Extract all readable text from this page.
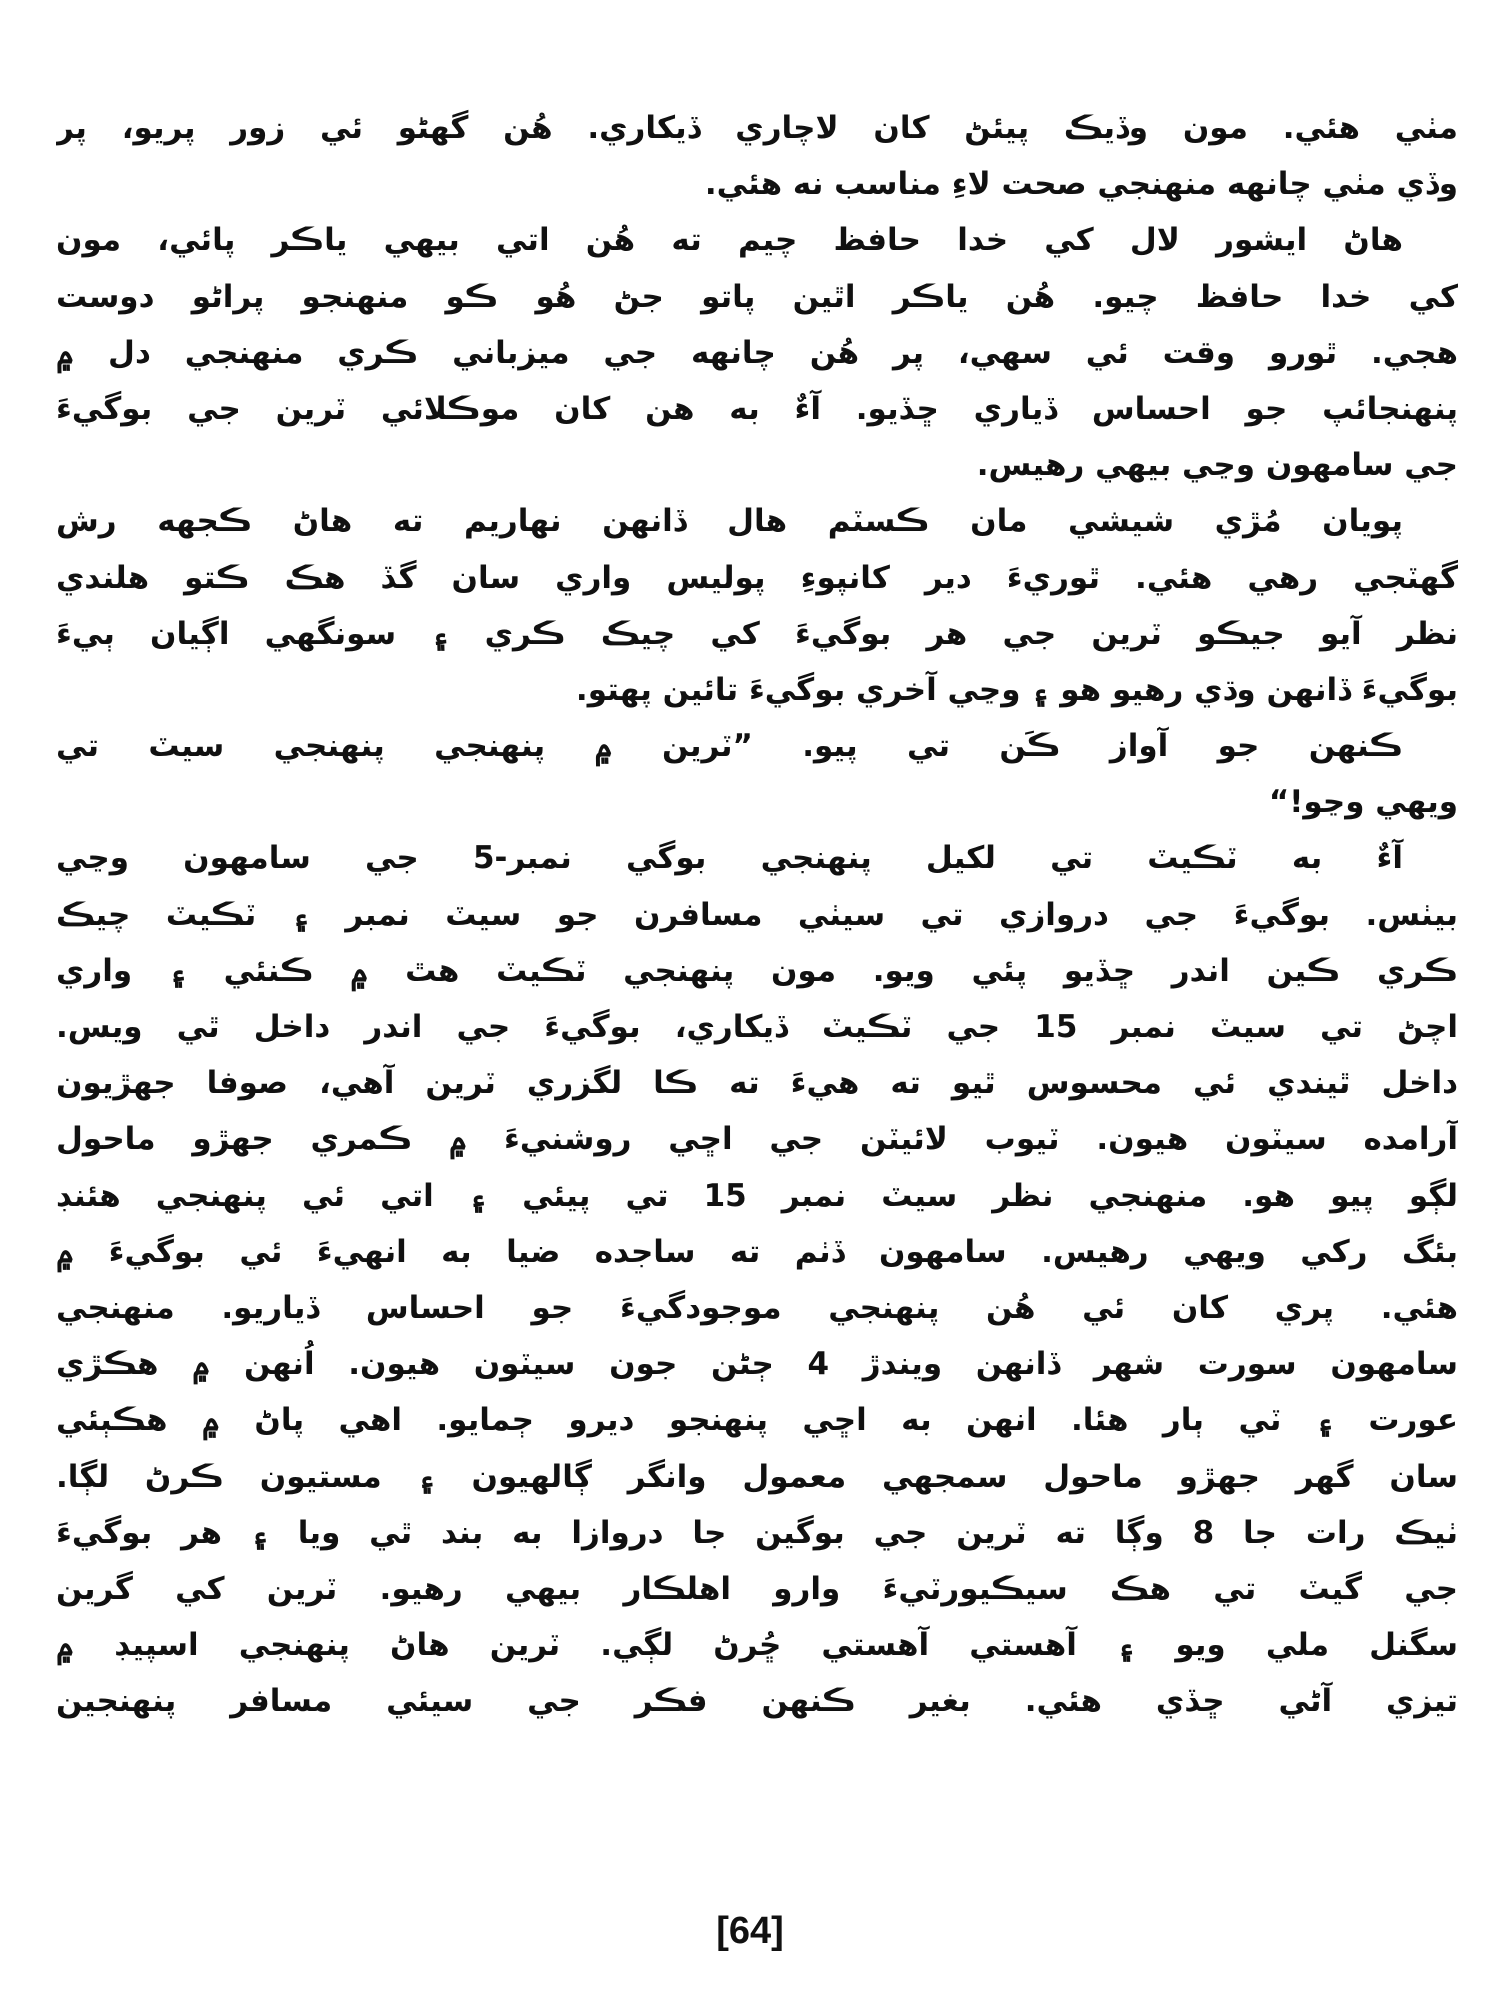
مٺي هئي. مون وڏيڪ پيئڻ کان لاچاري ڏيکاري. هُن گهڻو ئي زور پريو، پر
وڏي مٺي چانهه منهنجي صحت لاءِ مناسب نه هئي.
هاڻ ايشور لال کي خدا حافظ چيم ته هُن اتي بيهي ياڪر پائي، مون
کي خدا حافظ چيو. هُن ياڪر اٿين پاتو جڻ هُو ڪو منهنجو پراڻو دوست
هجي. ٿورو وقت ئي سهي، پر هُن چانهه جي ميزباني ڪري منهنجي دل ۾
پنهنجائپ جو احساس ڏياري ڇڏيو. آءٌ به هن کان موڪلائي ٽرين جي بوگيءَ
جي سامهون وڃي بيهي رهيس.
پويان مُڙي شيشي مان ڪسٽم هال ڏانهن نهاريم ته هاڻ ڪجهه رش
گهٽجي رهي هئي. ٿوريءَ دير کانپوءِ پوليس واري سان گڏ هڪ ڪتو هلندي
نظر آيو جيڪو ٽرين جي هر بوگيءَ کي چيڪ ڪري ۽ سونگهي اڳيان ٻيءَ
بوگيءَ ڏانهن وڌي رهيو هو ۽ وڃي آخري بوگيءَ تائين پهتو.
ڪنهن جو آواز ڪَن تي پيو. ”ٽرين ۾ پنهنجي پنهنجي سيٽ تي
ويهي وڃو!“
آءٌ به ٽڪيٽ تي لکيل پنهنجي بوگي نمبر-5 جي سامهون وڃي
بيٺس. بوگيءَ جي دروازي تي سيٺي مسافرن جو سيٽ نمبر ۽ ٽڪيٽ چيڪ
ڪري ڪين اندر ڇڏيو پئي ويو. مون پنهنجي ٽڪيٽ هٿ ۾ ڪنئي ۽ واري
اچڻ تي سيٽ نمبر 15 جي ٽڪيٽ ڏيکاري، بوگيءَ جي اندر داخل ٿي ويس.
داخل ٿيندي ئي محسوس ٿيو ته هيءَ ته ڪا لگزري ٽرين آهي، صوفا جهڙيون
آرامده سيٽون هيون. ٽيوب لائيٽن جي اڇي روشنيءَ ۾ ڪمري جهڙو ماحول
لڳو پيو هو. منهنجي نظر سيٽ نمبر 15 تي پيئي ۽ اتي ئي پنهنجي هئنڊ
بئگ رکي ويهي رهيس. سامهون ڏٺم ته ساجده ضيا به انهيءَ ئي بوگيءَ ۾
هئي. پري کان ئي هُن پنهنجي موجودگيءَ جو احساس ڏياريو. منهنجي
سامهون سورت شهر ڏانهن ويندڙ 4 ڄڻن جون سيٽون هيون. اُنهن ۾ هڪڙي
عورت ۽ ٽي ٻار هئا. انهن به اڇي پنهنجو ديرو ڄمايو. اهي پاڻ ۾ هڪٻئي
سان گهر جهڙو ماحول سمجهي معمول وانگر ڳالهيون ۽ مستيون ڪرڻ لڳا.
ٺيڪ رات جا 8 وڳا ته ٽرين جي بوگين جا دروازا به بند ٿي ويا ۽ هر بوگيءَ
جي گيٽ تي هڪ سيڪيورٽيءَ وارو اهلڪار بيهي رهيو. ٽرين کي گرين
سگنل ملي ويو ۽ آهستي آهستي ڇُرڻ لڳي. ٽرين هاڻ پنهنجي اسپيڊ ۾
تيزي آڻي ڇڏي هئي. بغير ڪنهن فڪر جي سيئي مسافر پنهنجين
[64]
